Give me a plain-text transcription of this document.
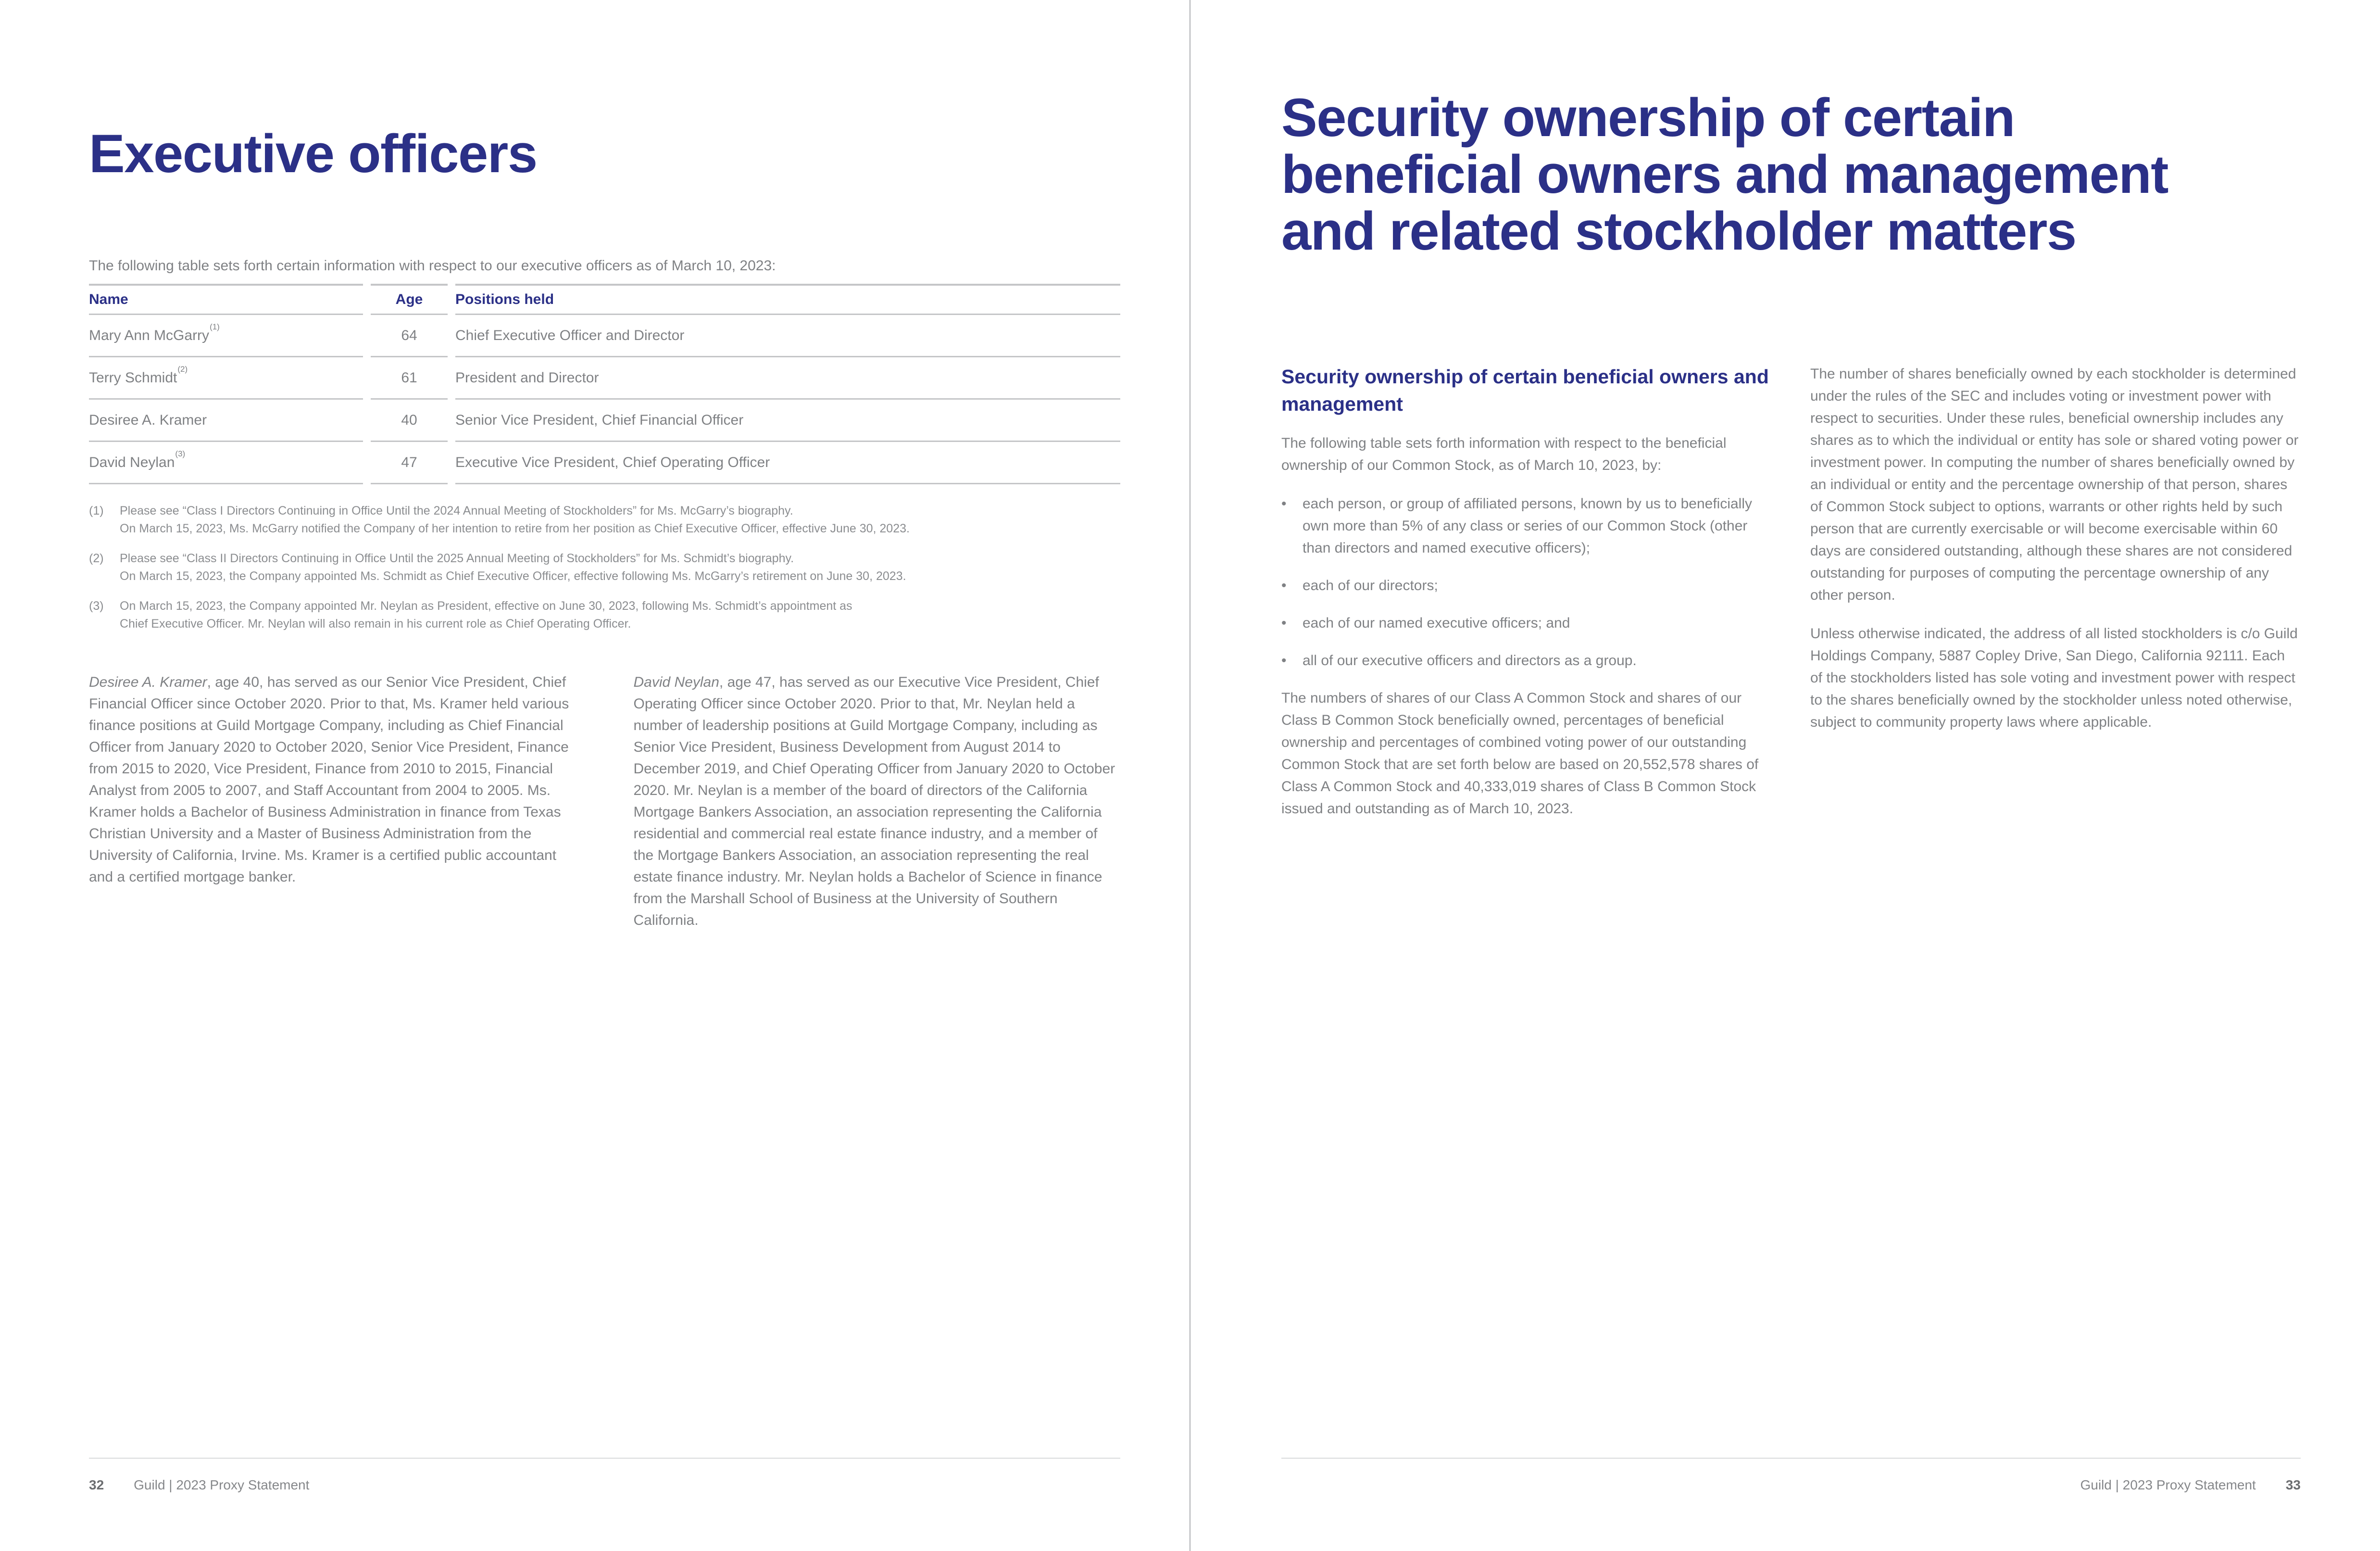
Executive officers
The following table sets forth certain information with respect to our executive officers as of March 10, 2023:
Name	Age	Positions held
Mary Ann McGarry$^{(1)}$	64	Chief Executive Officer and Director
Terry Schmidt$^{(2)}$	61	President and Director
Desiree A. Kramer	40	Senior Vice President, Chief Financial Officer
David Neylan$^{(3)}$	47	Executive Vice President, Chief Operating Officer
(1) Please see “Class I Directors Continuing in Office Until the 2024 Annual Meeting of Stockholders” for Ms. McGarry’s biography.
On March 15, 2023, Ms. McGarry notified the Company of her intention to retire from her position as Chief Executive Officer, effective June 30, 2023.
(2) Please see “Class II Directors Continuing in Office Until the 2025 Annual Meeting of Stockholders” for Ms. Schmidt’s biography.
On March 15, 2023, the Company appointed Ms. Schmidt as Chief Executive Officer, effective following Ms. McGarry’s retirement on June 30, 2023.
(3) On March 15, 2023, the Company appointed Mr. Neylan as President, effective on June 30, 2023, following Ms. Schmidt’s appointment as
Chief Executive Officer. Mr. Neylan will also remain in his current role as Chief Operating Officer.
Desiree A. Kramer, age 40, has served as our Senior Vice President, Chief Financial Officer since October 2020. Prior to that, Ms. Kramer held various finance positions at Guild Mortgage Company, including as Chief Financial Officer from January 2020 to October 2020, Senior Vice President, Finance from 2015 to 2020, Vice President, Finance from 2010 to 2015, Financial Analyst from 2005 to 2007, and Staff Accountant from 2004 to 2005. Ms. Kramer holds a Bachelor of Business Administration in finance from Texas Christian University and a Master of Business Administration from the University of California, Irvine. Ms. Kramer is a certified public accountant and a certified mortgage banker.
David Neylan, age 47, has served as our Executive Vice President, Chief Operating Officer since October 2020. Prior to that, Mr. Neylan held a number of leadership positions at Guild Mortgage Company, including as Senior Vice President, Business Development from August 2014 to December 2019, and Chief Operating Officer from January 2020 to October 2020. Mr. Neylan is a member of the board of directors of the California Mortgage Bankers Association, an association representing the California residential and commercial real estate finance industry, and a member of the Mortgage Bankers Association, an association representing the real estate finance industry. Mr. Neylan holds a Bachelor of Science in finance from the Marshall School of Business at the University of Southern California.
32 Guild | 2023 Proxy Statement
Security ownership of certain
beneficial owners and management
and related stockholder matters
Security ownership of certain beneficial owners and management

The following table sets forth information with respect to the beneficial ownership of our Common Stock, as of March 10, 2023, by:

• each person, or group of affiliated persons, known by us to beneficially own more than 5% of any class or series of our Common Stock (other than directors and named executive officers);
• each of our directors;
• each of our named executive officers; and
• all of our executive officers and directors as a group.

The numbers of shares of our Class A Common Stock and shares of our Class B Common Stock beneficially owned, percentages of beneficial ownership and percentages of combined voting power of our outstanding Common Stock that are set forth below are based on 20,552,578 shares of Class A Common Stock and 40,333,019 shares of Class B Common Stock issued and outstanding as of March 10, 2023.

The number of shares beneficially owned by each stockholder is determined under the rules of the SEC and includes voting or investment power with respect to securities. Under these rules, beneficial ownership includes any shares as to which the individual or entity has sole or shared voting power or investment power. In computing the number of shares beneficially owned by an individual or entity and the percentage ownership of that person, shares of Common Stock subject to options, warrants or other rights held by such person that are currently exercisable or will become exercisable within 60 days are considered outstanding, although these shares are not considered outstanding for purposes of computing the percentage ownership of any other person.

Unless otherwise indicated, the address of all listed stockholders is c/o Guild Holdings Company, 5887 Copley Drive, San Diego, California 92111. Each of the stockholders listed has sole voting and investment power with respect to the shares beneficially owned by the stockholder unless noted otherwise, subject to community property laws where applicable.

Guild | 2023 Proxy Statement 33
